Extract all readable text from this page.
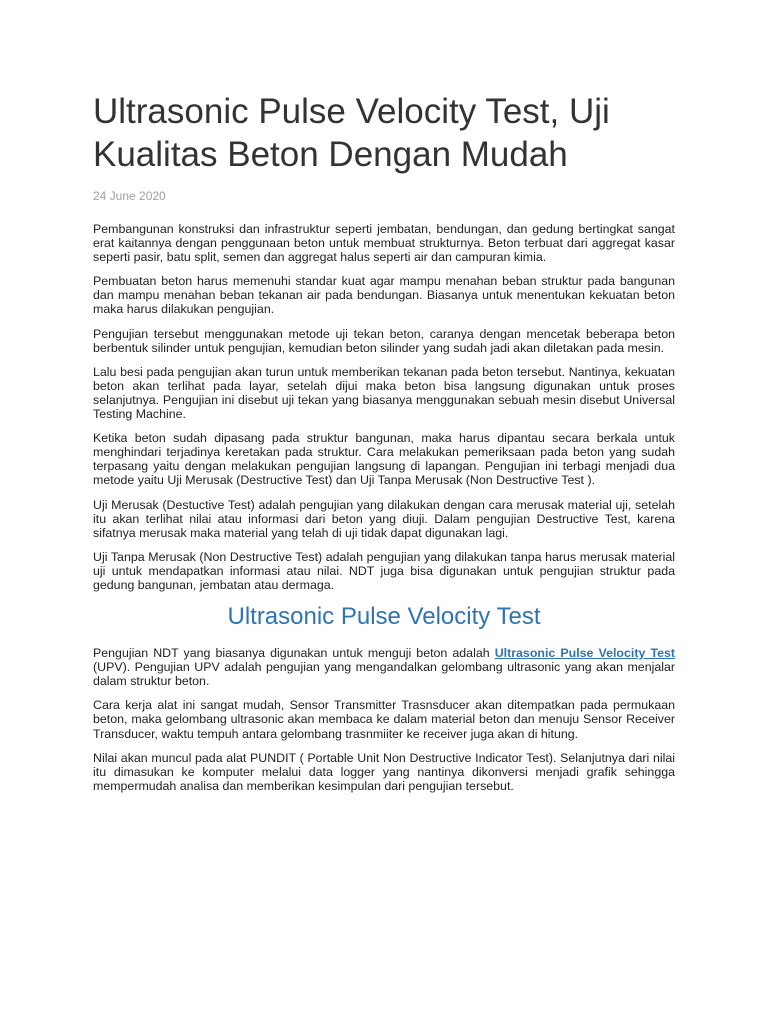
Ultrasonic Pulse Velocity Test, Uji Kualitas Beton Dengan Mudah
24 June 2020

Pembangunan konstruksi dan infrastruktur seperti jembatan, bendungan, dan gedung bertingkat sangat erat kaitannya dengan penggunaan beton untuk membuat strukturnya. Beton terbuat dari aggregat kasar seperti pasir, batu split, semen dan aggregat halus seperti air dan campuran kimia.

Pembuatan beton harus memenuhi standar kuat agar mampu menahan beban struktur pada bangunan dan mampu menahan beban tekanan air pada bendungan. Biasanya untuk menentukan kekuatan beton maka harus dilakukan pengujian.

Pengujian tersebut menggunakan metode uji tekan beton, caranya dengan mencetak beberapa beton berbentuk silinder untuk pengujian, kemudian beton silinder yang sudah jadi akan diletakan pada mesin.

Lalu besi pada pengujian akan turun untuk memberikan tekanan pada beton tersebut. Nantinya, kekuatan beton akan terlihat pada layar, setelah dijui maka beton bisa langsung digunakan untuk proses selanjutnya. Pengujian ini disebut uji tekan yang biasanya menggunakan sebuah mesin disebut Universal Testing Machine.

Ketika beton sudah dipasang pada struktur bangunan, maka harus dipantau secara berkala untuk menghindari terjadinya keretakan pada struktur. Cara melakukan pemeriksaan pada beton yang sudah terpasang yaitu dengan melakukan pengujian langsung di lapangan. Pengujian ini terbagi menjadi dua metode yaitu Uji Merusak (Destructive Test) dan Uji Tanpa Merusak (Non Destructive Test ).

Uji Merusak (Destuctive Test) adalah pengujian yang dilakukan dengan cara merusak material uji, setelah itu akan terlihat nilai atau informasi dari beton yang diuji. Dalam pengujian Destructive Test, karena sifatnya merusak maka material yang telah di uji tidak dapat digunakan lagi.

Uji Tanpa Merusak (Non Destructive Test) adalah pengujian yang dilakukan tanpa harus merusak material uji untuk mendapatkan informasi atau nilai. NDT juga bisa digunakan untuk pengujian struktur pada gedung bangunan, jembatan atau dermaga.

Ultrasonic Pulse Velocity Test

Pengujian NDT yang biasanya digunakan untuk menguji beton adalah Ultrasonic Pulse Velocity Test (UPV). Pengujian UPV adalah pengujian yang mengandalkan gelombang ultrasonic yang akan menjalar dalam struktur beton.

Cara kerja alat ini sangat mudah, Sensor Transmitter Trasnsducer akan ditempatkan pada permukaan beton, maka gelombang ultrasonic akan membaca ke dalam material beton dan menuju Sensor Receiver Transducer, waktu tempuh antara gelombang trasnmiiter ke receiver juga akan di hitung.

Nilai akan muncul pada alat PUNDIT ( Portable Unit Non Destructive Indicator Test). Selanjutnya dari nilai itu dimasukan ke komputer melalui data logger yang nantinya dikonversi menjadi grafik sehingga mempermudah analisa dan memberikan kesimpulan dari pengujian tersebut.
